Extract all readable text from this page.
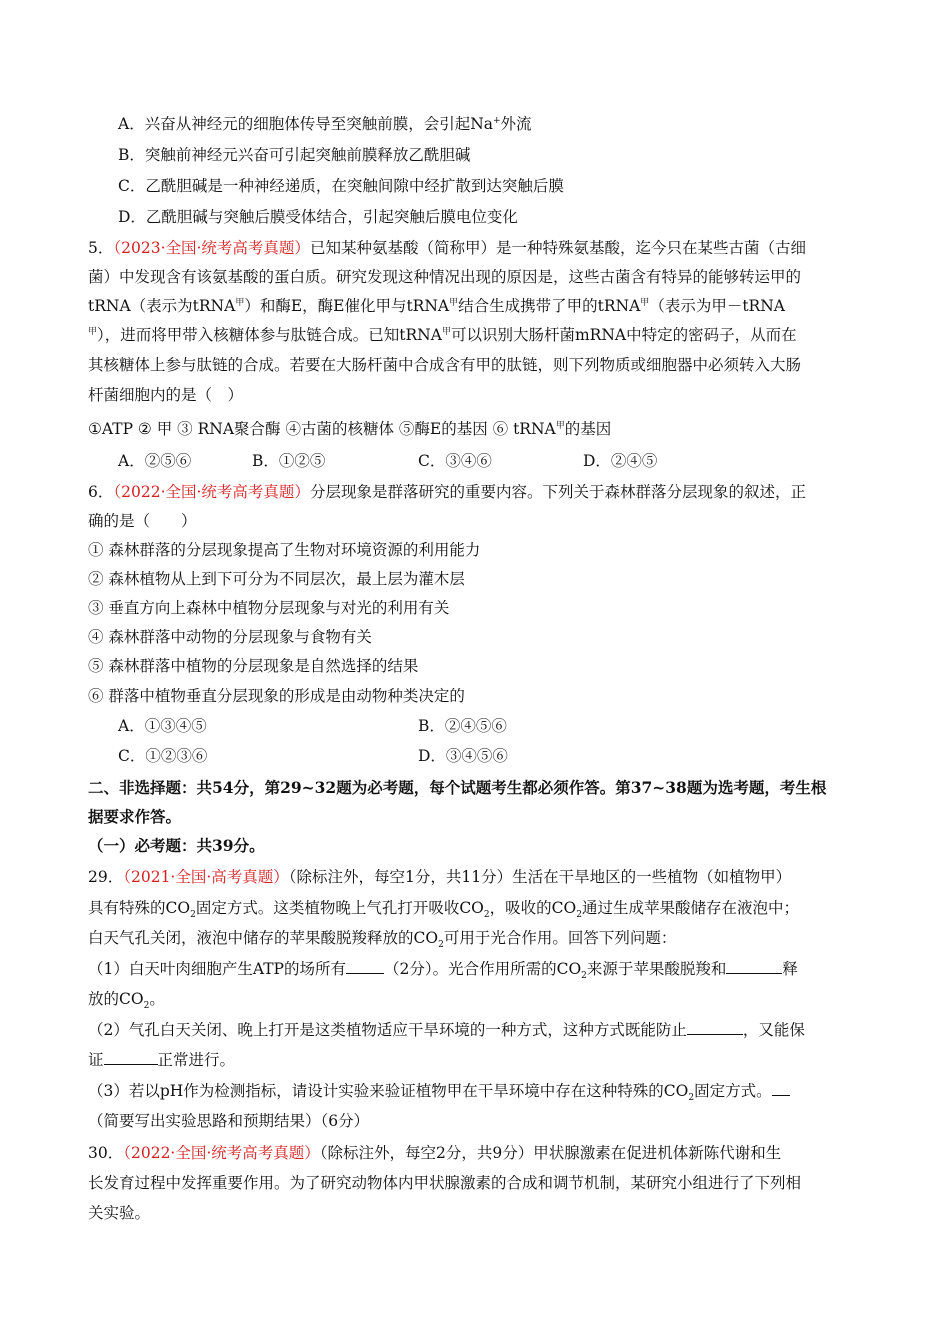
A．兴奋从神经元的细胞体传导至突触前膜，会引起Na+外流
B．突触前神经元兴奋可引起突触前膜释放乙酰胆碱
C．乙酰胆碱是一种神经递质，在突触间隙中经扩散到达突触后膜
D．乙酰胆碱与突触后膜受体结合，引起突触后膜电位变化
5．（2023·全国·统考高考真题）已知某种氨基酸（简称甲）是一种特殊氨基酸，迄今只在某些古菌（古细
菌）中发现含有该氨基酸的蛋白质。研究发现这种情况出现的原因是，这些古菌含有特异的能够转运甲的
tRNA（表示为tRNA$^甲$）和酶E，酶E催化甲与tRNA$^甲$结合生成携带了甲的tRNA$^甲$（表示为甲－tRNA
$^甲$），进而将甲带入核糖体参与肽链合成。已知tRNA$^甲$可以识别大肠杆菌mRNA中特定的密码子，从而在
其核糖体上参与肽链的合成。若要在大肠杆菌中合成含有甲的肽链，则下列物质或细胞器中必须转入大肠
杆菌细胞内的是（　）
①ATP ② 甲 ③ RNA聚合酶 ④古菌的核糖体 ⑤酶E的基因 ⑥ tRNA$^甲$的基因
A．②⑤⑥	B．①②⑤	C．③④⑥	D．②④⑤
6．（2022·全国·统考高考真题）分层现象是群落研究的重要内容。下列关于森林群落分层现象的叙述，正
确的是（　　）
① 森林群落的分层现象提高了生物对环境资源的利用能力
② 森林植物从上到下可分为不同层次，最上层为灌木层
③ 垂直方向上森林中植物分层现象与对光的利用有关
④ 森林群落中动物的分层现象与食物有关
⑤ 森林群落中植物的分层现象是自然选择的结果
⑥ 群落中植物垂直分层现象的形成是由动物种类决定的
A．①③④⑤	B．②④⑤⑥
C．①②③⑥	D．③④⑤⑥
二、非选择题：共54分，第29~32题为必考题，每个试题考生都必须作答。第37~38题为选考题，考生根
据要求作答。
（一）必考题：共39分。
29．（2021·全国·高考真题）（除标注外，每空1分，共11分）生活在干旱地区的一些植物（如植物甲）
具有特殊的$CO_2$固定方式。这类植物晚上气孔打开吸收$CO_2$，吸收的$CO_2$通过生成苹果酸储存在液泡中；
白天气孔关闭，液泡中储存的苹果酸脱羧释放的$CO_2$可用于光合作用。回答下列问题：
（1）白天叶肉细胞产生ATP的场所有 （2分）。光合作用所需的$CO_2$来源于苹果酸脱羧和	释
放的$CO_2$。
（2）气孔白天关闭、晚上打开是这类植物适应干旱环境的一种方式，这种方式既能防止	，又能保
证	正常进行。
（3）若以pH作为检测指标，请设计实验来验证植物甲在干旱环境中存在这种特殊的$CO_2$固定方式。
（简要写出实验思路和预期结果）（6分）
30．（2022·全国·统考高考真题）（除标注外，每空2分，共9分）甲状腺激素在促进机体新陈代谢和生
长发育过程中发挥重要作用。为了研究动物体内甲状腺激素的合成和调节机制，某研究小组进行了下列相
关实验。
